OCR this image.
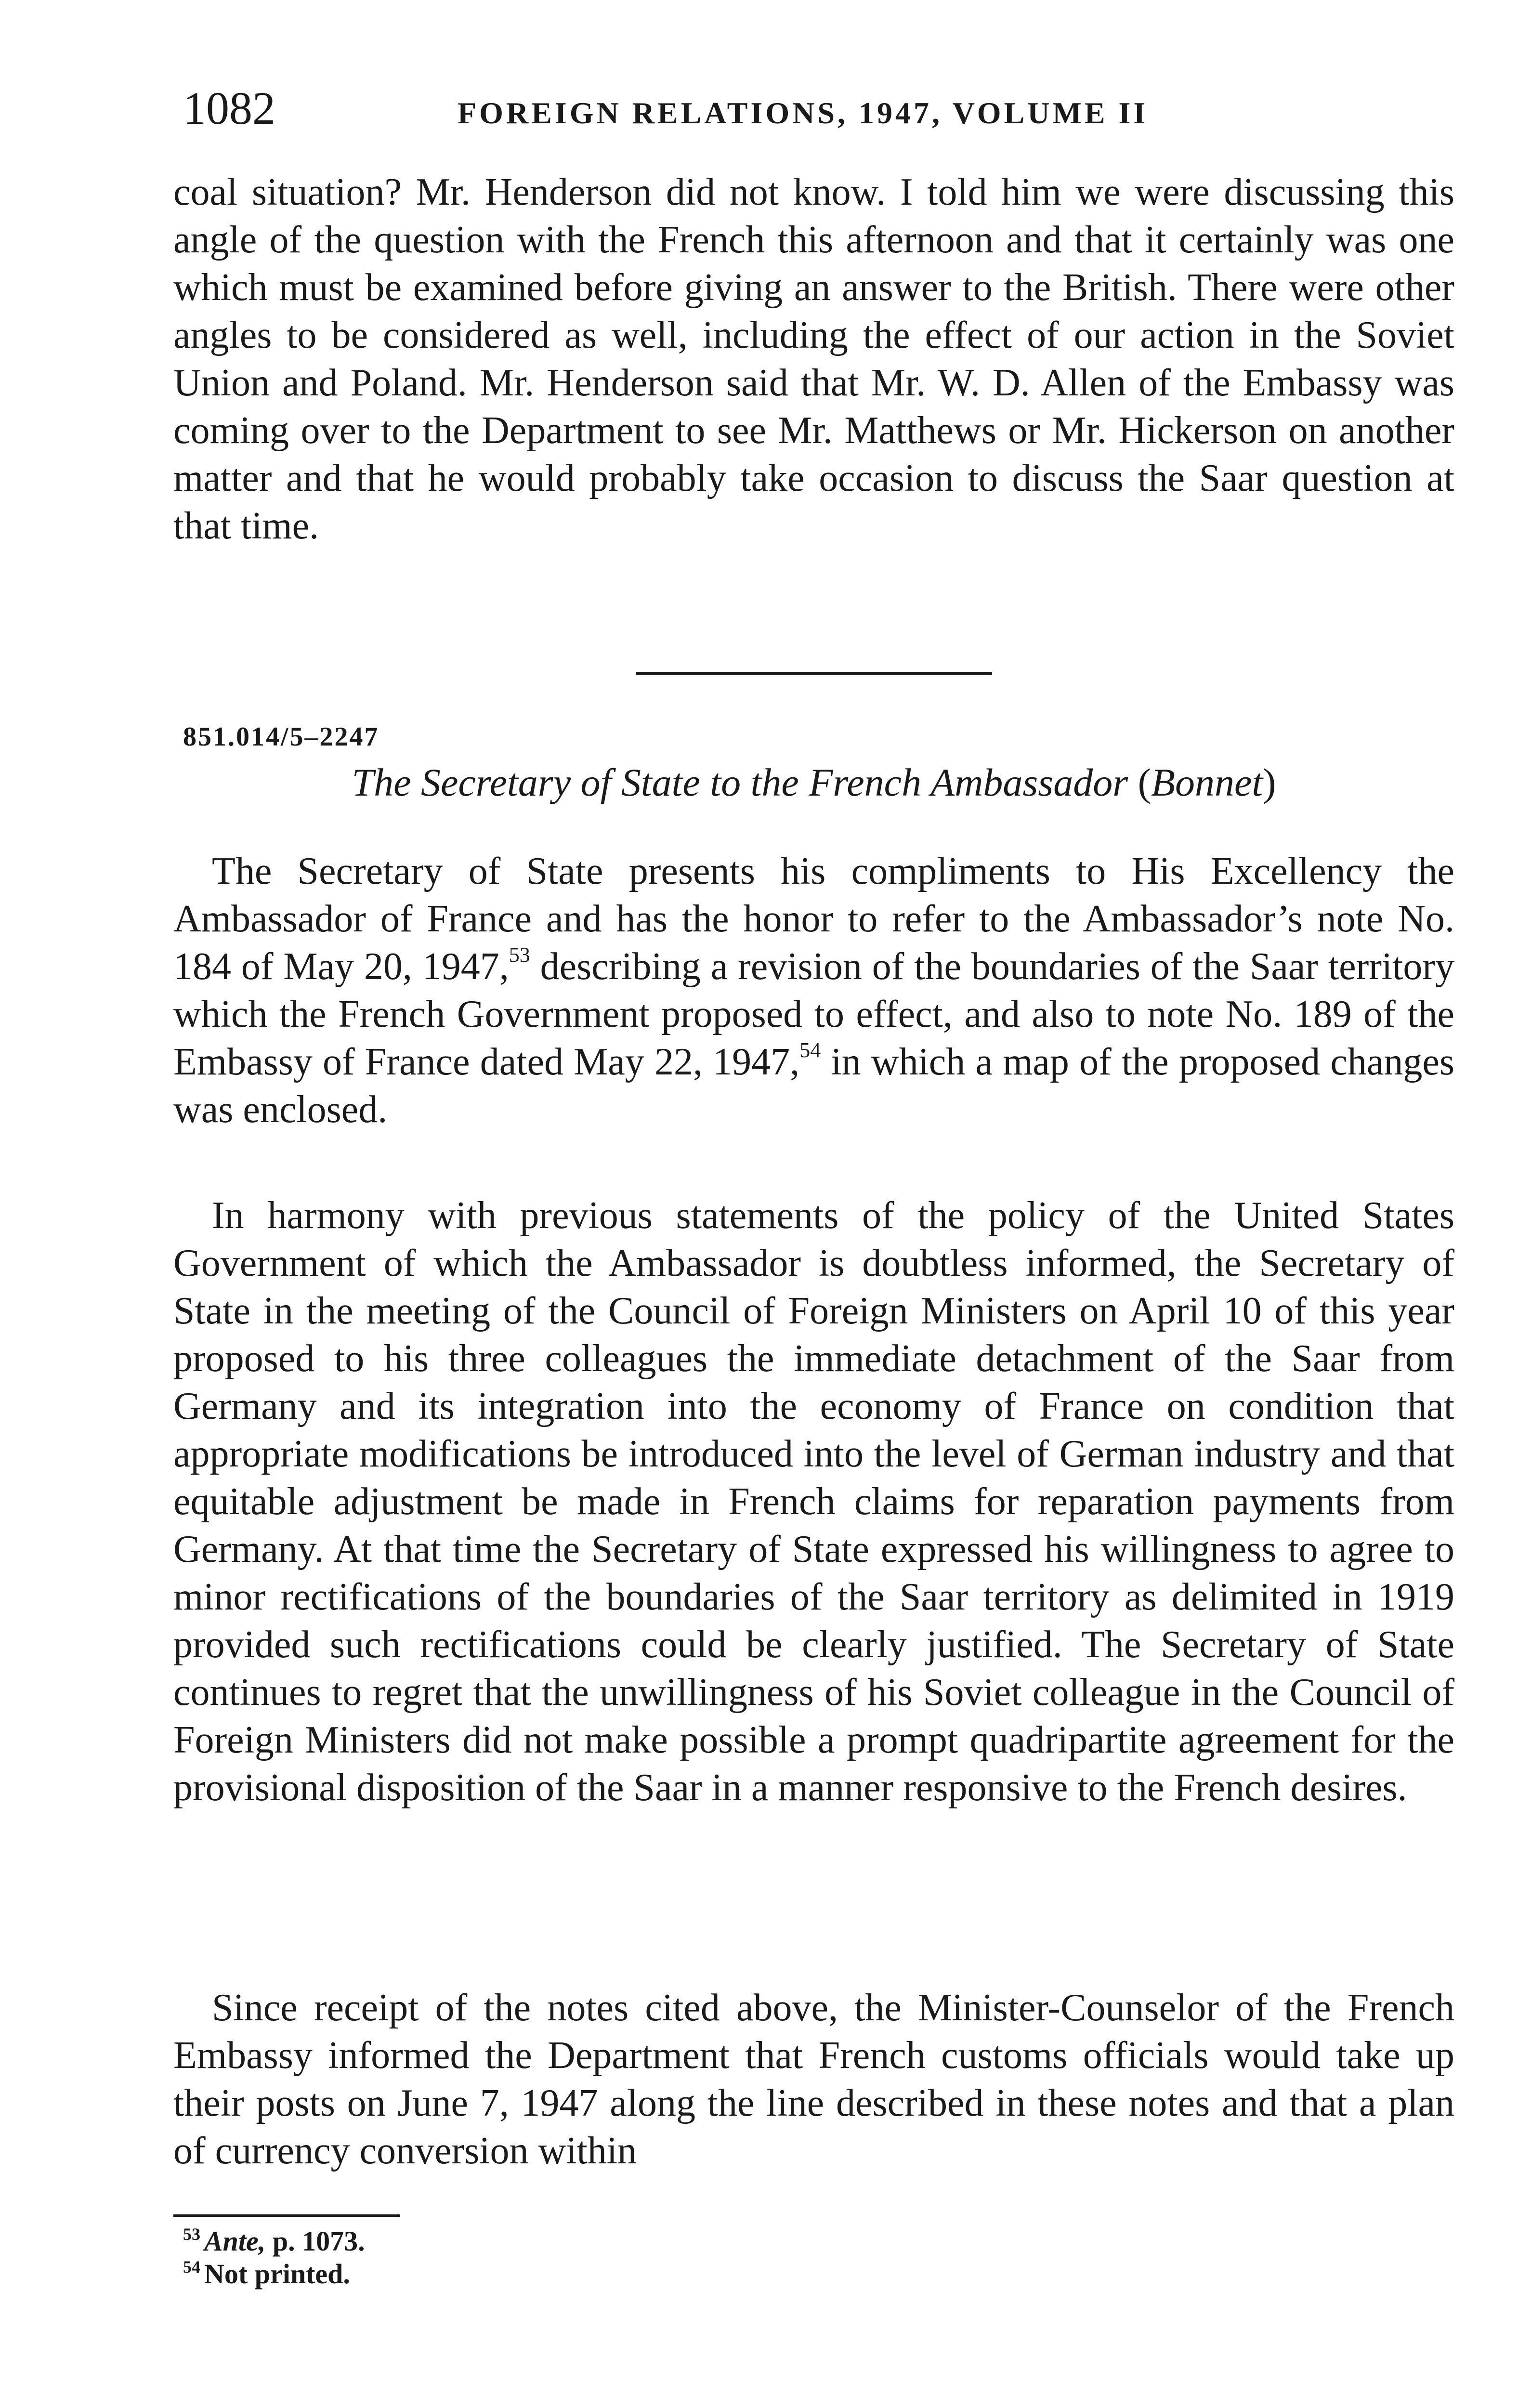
1082	FOREIGN RELATIONS, 1947, VOLUME II

coal situation? Mr. Henderson did not know. I told him we were discussing this angle of the question with the French this afternoon and that it certainly was one which must be examined before giving an answer to the British. There were other angles to be considered as well, including the effect of our action in the Soviet Union and Poland. Mr. Henderson said that Mr. W. D. Allen of the Embassy was coming over to the Department to see Mr. Matthews or Mr. Hickerson on another matter and that he would probably take occasion to discuss the Saar question at that time.

851.014/5–2247
The Secretary of State to the French Ambassador (Bonnet)

The Secretary of State presents his compliments to His Excellency the Ambassador of France and has the honor to refer to the Ambassador’s note No. 184 of May 20, 1947,53 describing a revision of the boundaries of the Saar territory which the French Government proposed to effect, and also to note No. 189 of the Embassy of France dated May 22, 1947,54 in which a map of the proposed changes was enclosed.

In harmony with previous statements of the policy of the United States Government of which the Ambassador is doubtless informed, the Secretary of State in the meeting of the Council of Foreign Ministers on April 10 of this year proposed to his three colleagues the immediate detachment of the Saar from Germany and its integration into the economy of France on condition that appropriate modifications be introduced into the level of German industry and that equitable adjustment be made in French claims for reparation payments from Germany. At that time the Secretary of State expressed his willingness to agree to minor rectifications of the boundaries of the Saar territory as delimited in 1919 provided such rectifications could be clearly justified. The Secretary of State continues to regret that the unwillingness of his Soviet colleague in the Council of Foreign Ministers did not make possible a prompt quadripartite agreement for the provisional disposition of the Saar in a manner responsive to the French desires.

Since receipt of the notes cited above, the Minister-Counselor of the French Embassy informed the Department that French customs officials would take up their posts on June 7, 1947 along the line described in these notes and that a plan of currency conversion within

$^{53}$ Ante, p. 1073.
$^{54}$ Not printed.
